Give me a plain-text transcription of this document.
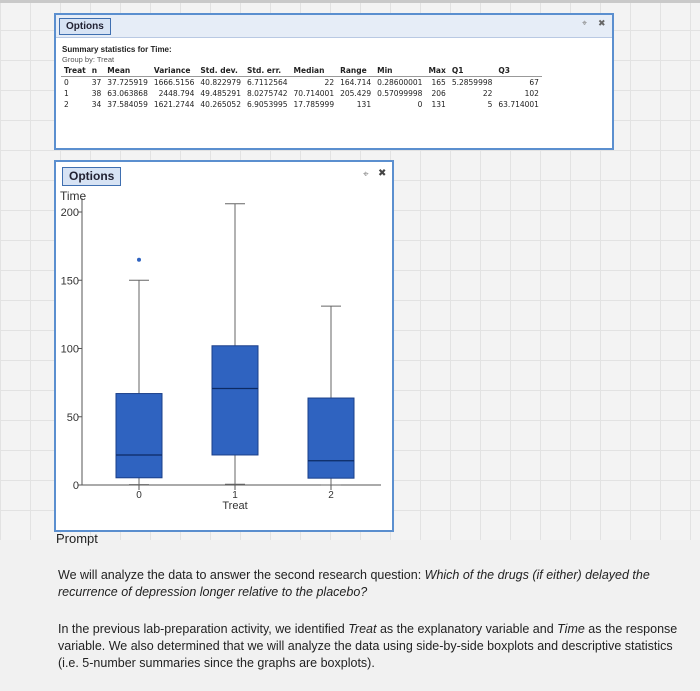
Options	⌖ ✖
Summary statistics for Time:
Group by: Treat
Treat	n	Mean	Variance	Std. dev.	Std. err.	Median	Range	Min	Max	Q1	Q3
0	37	37.725919	1666.5156	40.822979	6.7112564	22	164.714	0.28600001	165	5.2859998	67
1	38	63.063868	2448.794	49.485291	8.0275742	70.714001	205.429	0.57099998	206	22	102
2	34	37.584059	1621.2744	40.265052	6.9053995	17.785999	131	0	131	5	63.714001
Time
200
150
100
50
0
0	1	2
Treat
Options	⌖ ✖
Prompt
We will analyze the data to answer the second research question: Which of the drugs (if either) delayed the recurrence of depression longer relative to the placebo?
In the previous lab-preparation activity, we identified Treat as the explanatory variable and Time as the response variable. We also determined that we will analyze the data using side-by-side boxplots and descriptive statistics (i.e. 5-number summaries since the graphs are boxplots).
